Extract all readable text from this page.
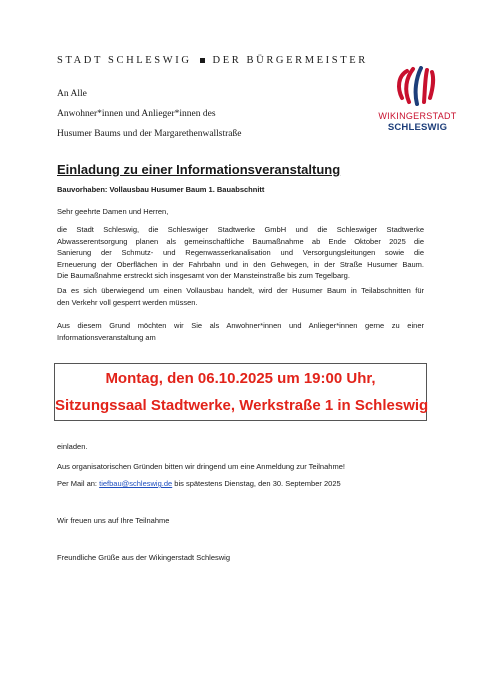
STADT SCHLESWIG DER BÜRGERMEISTER
An Alle
Anwohner*innen und Anlieger*innen des
Husumer Baums und der Margarethenwallstraße
WIKINGERSTADT
SCHLESWIG
Einladung zu einer Informationsveranstaltung
Bauvorhaben: Vollausbau Husumer Baum 1. Bauabschnitt
Sehr geehrte Damen und Herren,

die Stadt Schleswig, die Schleswiger Stadtwerke GmbH und die Schleswiger Stadtwerke
Abwasserentsorgung planen als gemeinschaftliche Baumaßnahme ab Ende Oktober 2025 die
Sanierung der Schmutz- und Regenwasserkanalisation und Versorgungsleitungen sowie die
Erneuerung der Oberflächen in der Fahrbahn und in den Gehwegen, in der Straße Husumer Baum.
Die Baumaßnahme erstreckt sich insgesamt von der Mansteinstraße bis zum Tegelbarg.

Da es sich überwiegend um einen Vollausbau handelt, wird der Husumer Baum in Teilabschnitten für
den Verkehr voll gesperrt werden müssen.

Aus diesem Grund möchten wir Sie als Anwohner*innen und Anlieger*innen gerne zu einer
Informationsveranstaltung am

Montag, den 06.10.2025 um 19:00 Uhr,
Sitzungssaal Stadtwerke, Werkstraße 1 in Schleswig
einladen.
Aus organisatorischen Gründen bitten wir dringend um eine Anmeldung zur Teilnahme!
Per Mail an: tiefbau@schleswig.de bis spätestens Dienstag, den 30. September 2025
Wir freuen uns auf Ihre Teilnahme
Freundliche Grüße aus der Wikingerstadt Schleswig
